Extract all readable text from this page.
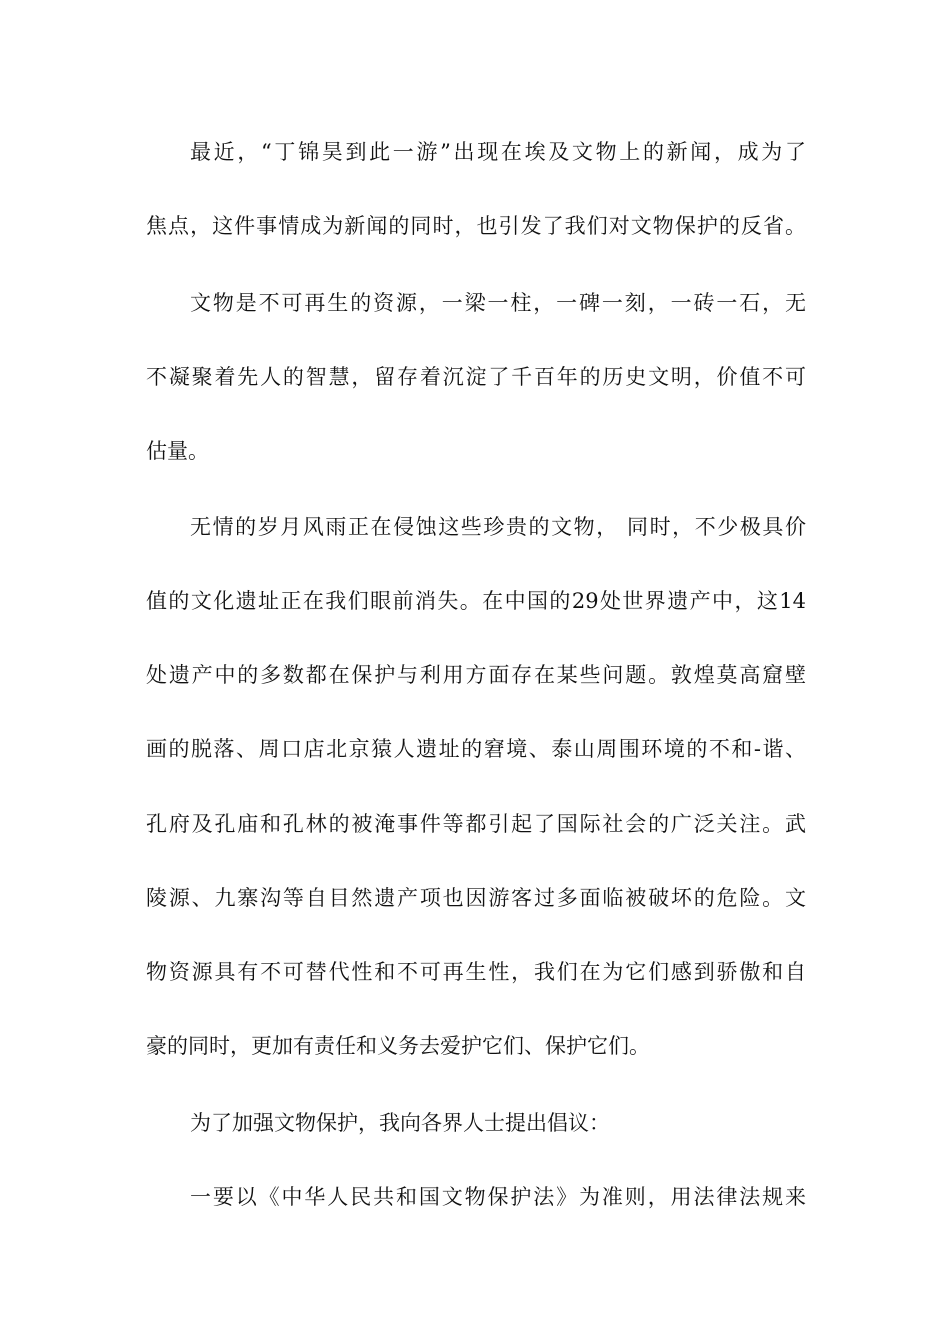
最近，“丁锦昊到此一游”出现在埃及文物上的新闻，成为了
焦点，这件事情成为新闻的同时，也引发了我们对文物保护的反省。
文物是不可再生的资源，一梁一柱，一碑一刻，一砖一石，无
不凝聚着先人的智慧，留存着沉淀了千百年的历史文明，价值不可
估量。
无情的岁月风雨正在侵蚀这些珍贵的文物， 同时，不少极具价
值的文化遗址正在我们眼前消失。在中国的29处世界遗产中，这14
处遗产中的多数都在保护与利用方面存在某些问题。敦煌莫高窟壁
画的脱落、周口店北京猿人遗址的窘境、泰山周围环境的不和-谐、
孔府及孔庙和孔林的被淹事件等都引起了国际社会的广泛关注。武
陵源、九寨沟等自目然遗产项也因游客过多面临被破坏的危险。文
物资源具有不可替代性和不可再生性，我们在为它们感到骄傲和自
豪的同时，更加有责任和义务去爱护它们、保护它们。
为了加强文物保护，我向各界人士提出倡议：
一要以《中华人民共和国文物保护法》为准则，用法律法规来
